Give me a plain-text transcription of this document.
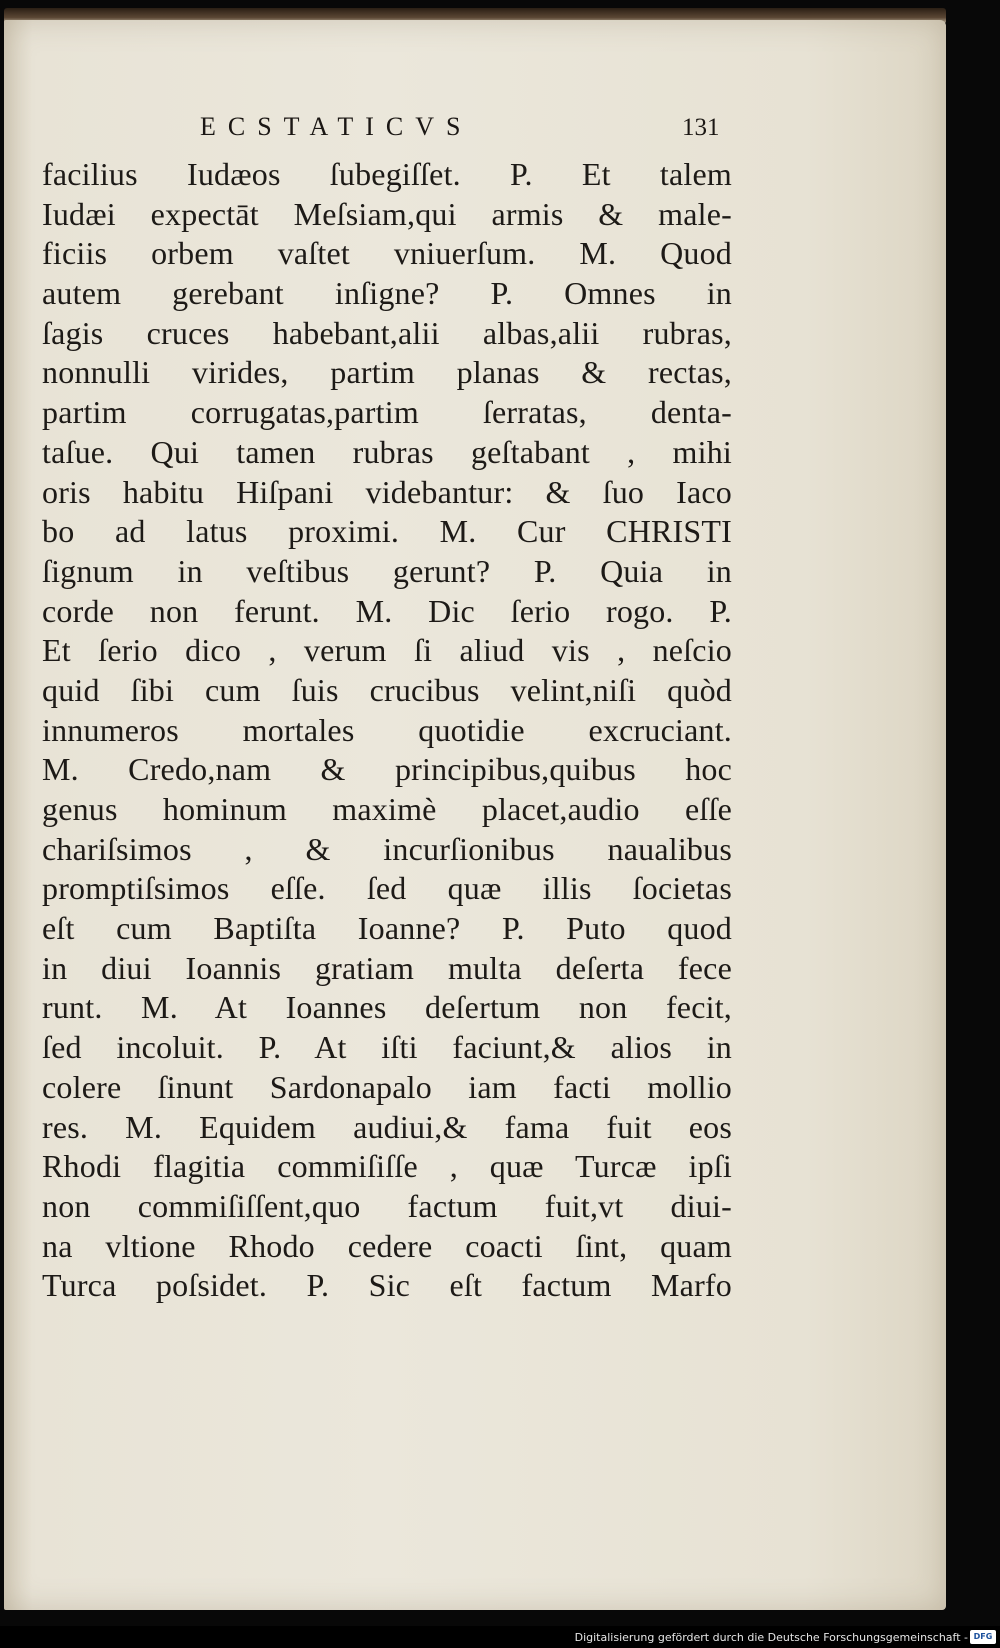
ECSTATICVS	131
facilius Iudæos ſubegiſſet. P. Et talem
Iudæi expectāt Meſsiam,qui armis & male-
ficiis orbem vaſtet vniuerſum. M. Quod
autem gerebant inſigne? P. Omnes in
ſagis cruces habebant,alii albas,alii rubras,
nonnulli virides, partim planas & rectas,
partim corrugatas,partim ſerratas, denta-
taſue. Qui tamen rubras geſtabant , mihi
oris habitu Hiſpani videbantur: & ſuo Iaco
bo ad latus proximi. M. Cur CHRISTI
ſignum in veſtibus gerunt? P. Quia in
corde non ferunt. M. Dic ſerio rogo. P.
Et ſerio dico , verum ſi aliud vis , neſcio
quid ſibi cum ſuis crucibus velint,niſi quòd
innumeros mortales quotidie excruciant.
M. Credo,nam & principibus,quibus hoc
genus hominum maximè placet,audio eſſe
chariſsimos , & incurſionibus naualibus
promptiſsimos eſſe. ſed quæ illis ſocietas
eſt cum Baptiſta Ioanne? P. Puto quod
in diui Ioannis gratiam multa deſerta fece
runt. M. At Ioannes deſertum non fecit,
ſed incoluit. P. At iſti faciunt,& alios in
colere ſinunt Sardonapalo iam facti mollio
res. M. Equidem audiui,& fama fuit eos
Rhodi flagitia commiſiſſe , quæ Turcæ ipſi
non commiſiſſent,quo factum fuit,vt diui-
na vltione Rhodo cedere coacti ſint, quam
Turca poſsidet. P. Sic eſt factum Marfo
Digitalisierung gefördert durch die Deutsche Forschungsgemeinschaft - DFG
